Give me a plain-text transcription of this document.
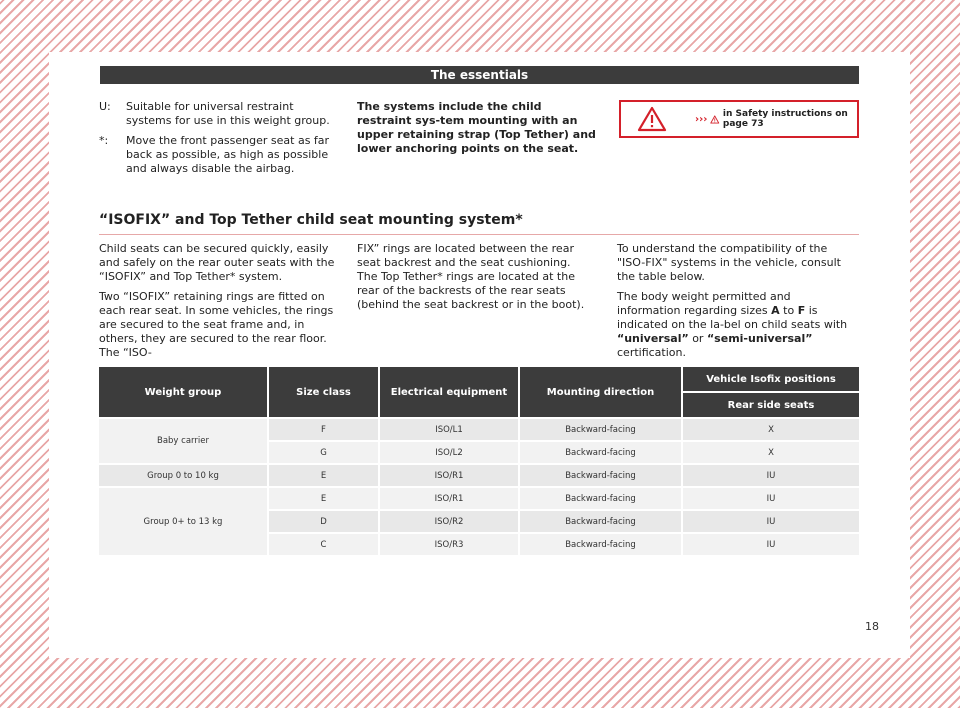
The essentials
U:	Suitable for universal restraint systems for use in this weight group.
*:	Move the front passenger seat as far back as possible, as high as possible and always disable the airbag.
The systems include the child restraint sys-tem mounting with an upper retaining strap (Top Tether) and lower anchoring points on the seat.
››› in Safety instructions on page 73
“ISOFIX” and Top Tether child seat mounting system*

Child seats can be secured quickly, easily and safely on the rear outer seats with the “ISOFIX” and Top Tether* system.

Two “ISOFIX” retaining rings are fitted on each rear seat. In some vehicles, the rings are secured to the seat frame and, in others, they are secured to the rear floor. The “ISO-

FIX” rings are located between the rear seat backrest and the seat cushioning. The Top Tether* rings are located at the rear of the backrests of the rear seats (behind the seat backrest or in the boot).

To understand the compatibility of the "ISO-FIX" systems in the vehicle, consult the table below.

The body weight permitted and information regarding sizes A to F is indicated on the la-bel on child seats with “universal” or “semi-universal” certification.

Weight group	Size class	Electrical equipment	Mounting direction	Vehicle Isofix positions
				Rear side seats
Baby carrier	F	ISO/L1	Backward-facing	X
	G	ISO/L2	Backward-facing	X
Group 0 to 10 kg	E	ISO/R1	Backward-facing	IU
Group 0+ to 13 kg	E	ISO/R1	Backward-facing	IU
	D	ISO/R2	Backward-facing	IU
	C	ISO/R3	Backward-facing	IU
18
